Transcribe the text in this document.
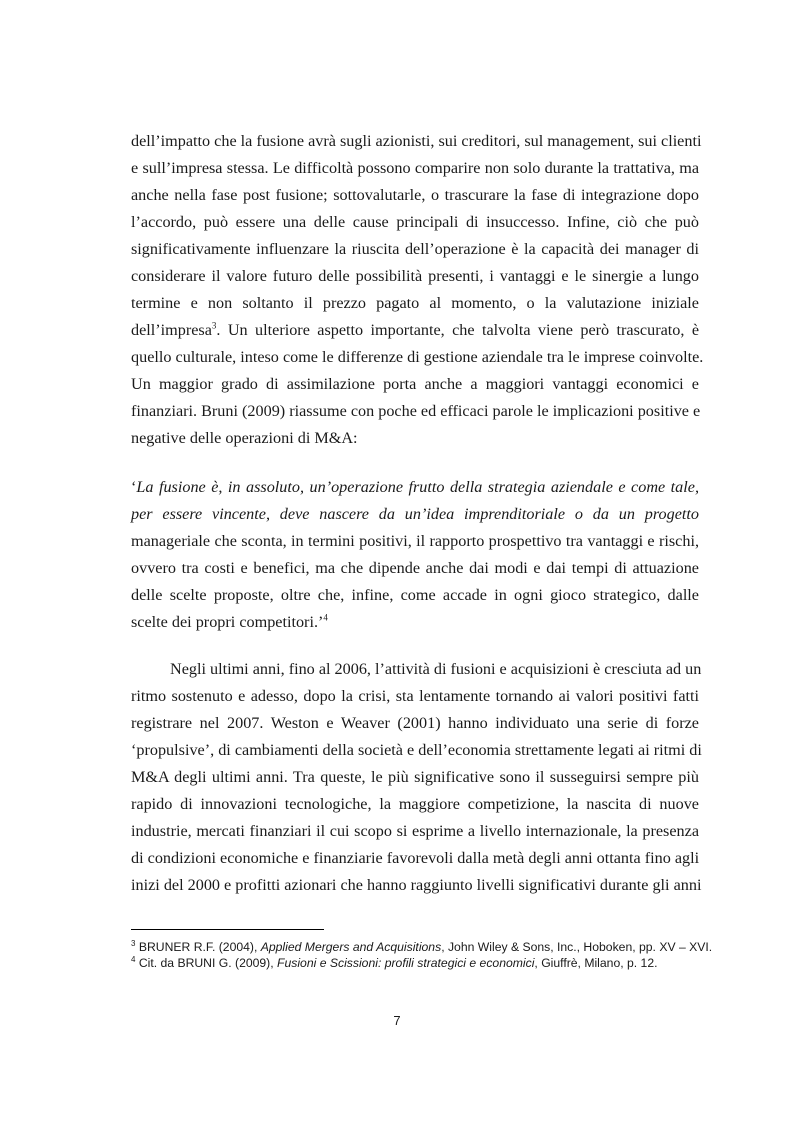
dell’impatto che la fusione avrà sugli azionisti, sui creditori, sul management, sui clienti
e sull’impresa stessa. Le difficoltà possono comparire non solo durante la trattativa, ma
anche nella fase post fusione; sottovalutarle, o trascurare la fase di integrazione dopo
l’accordo, può essere una delle cause principali di insuccesso. Infine, ciò che può
significativamente influenzare la riuscita dell’operazione è la capacità dei manager di
considerare il valore futuro delle possibilità presenti, i vantaggi e le sinergie a lungo
termine e non soltanto il prezzo pagato al momento, o la valutazione iniziale
dell’impresa$^3$. Un ulteriore aspetto importante, che talvolta viene però trascurato, è
quello culturale, inteso come le differenze di gestione aziendale tra le imprese coinvolte.
Un maggior grado di assimilazione porta anche a maggiori vantaggi economici e
finanziari. Bruni (2009) riassume con poche ed efficaci parole le implicazioni positive e
negative delle operazioni di M&A:
‘La fusione è, in assoluto, un’operazione frutto della strategia aziendale e come tale,
per essere vincente, deve nascere da un’idea imprenditoriale o da un progetto
manageriale che sconta, in termini positivi, il rapporto prospettivo tra vantaggi e rischi,
ovvero tra costi e benefici, ma che dipende anche dai modi e dai tempi di attuazione
delle scelte proposte, oltre che, infine, come accade in ogni gioco strategico, dalle
scelte dei propri competitori.’$^4$
Negli ultimi anni, fino al 2006, l’attività di fusioni e acquisizioni è cresciuta ad un
ritmo sostenuto e adesso, dopo la crisi, sta lentamente tornando ai valori positivi fatti
registrare nel 2007. Weston e Weaver (2001) hanno individuato una serie di forze
‘propulsive’, di cambiamenti della società e dell’economia strettamente legati ai ritmi di
M&A degli ultimi anni. Tra queste, le più significative sono il susseguirsi sempre più
rapido di innovazioni tecnologiche, la maggiore competizione, la nascita di nuove
industrie, mercati finanziari il cui scopo si esprime a livello internazionale, la presenza
di condizioni economiche e finanziarie favorevoli dalla metà degli anni ottanta fino agli
inizi del 2000 e profitti azionari che hanno raggiunto livelli significativi durante gli anni
$^3$ BRUNER R.F. (2004), Applied Mergers and Acquisitions, John Wiley & Sons, Inc., Hoboken, pp. XV – XVI.
$^4$ Cit. da BRUNI G. (2009), Fusioni e Scissioni: profili strategici e economici, Giuffrè, Milano, p. 12.
7
